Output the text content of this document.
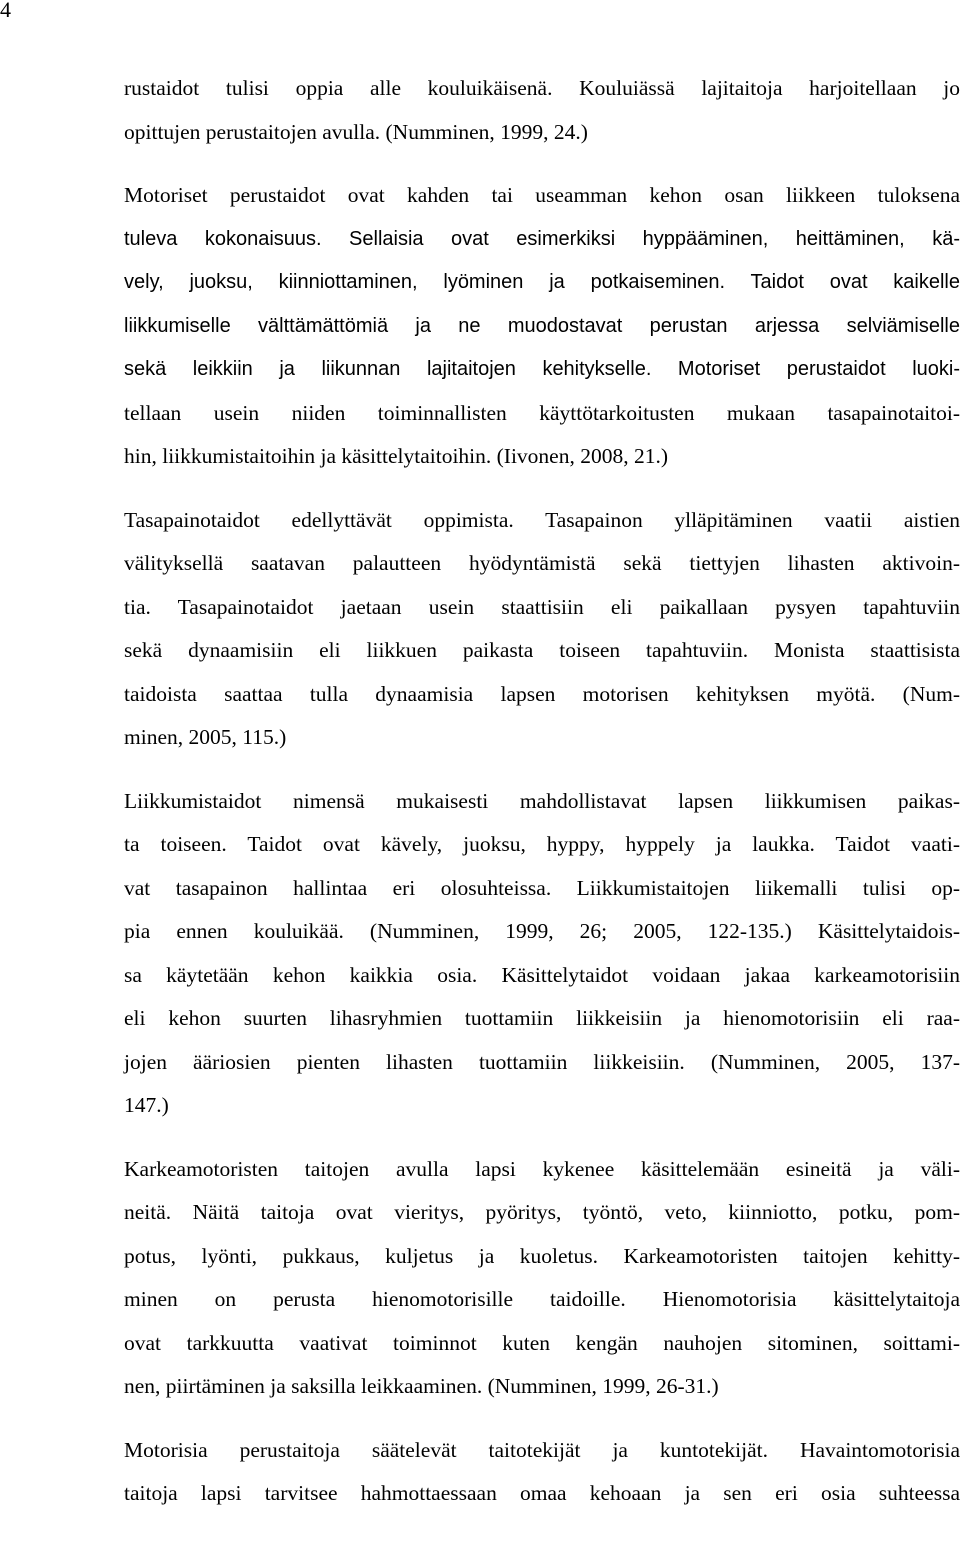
4
rustaidot tulisi oppia alle kouluikäisenä. Kouluiässä lajitaitoja harjoitellaan jo
opittujen perustaitojen avulla. (Numminen, 1999, 24.)
Motoriset perustaidot ovat kahden tai useamman kehon osan liikkeen tuloksena
tuleva kokonaisuus. Sellaisia ovat esimerkiksi hyppääminen, heittäminen, kä-
vely, juoksu, kiinniottaminen, lyöminen ja potkaiseminen. Taidot ovat kaikelle
liikkumiselle välttämättömiä ja ne muodostavat perustan arjessa selviämiselle
sekä leikkiin ja liikunnan lajitaitojen kehitykselle. Motoriset perustaidot luoki-
tellaan usein niiden toiminnallisten käyttötarkoitusten mukaan tasapainotaitoi-
hin, liikkumistaitoihin ja käsittelytaitoihin. (Iivonen, 2008, 21.)
Tasapainotaidot edellyttävät oppimista. Tasapainon ylläpitäminen vaatii aistien
välityksellä saatavan palautteen hyödyntämistä sekä tiettyjen lihasten aktivoin-
tia. Tasapainotaidot jaetaan usein staattisiin eli paikallaan pysyen tapahtuviin
sekä dynaamisiin eli liikkuen paikasta toiseen tapahtuviin. Monista staattisista
taidoista saattaa tulla dynaamisia lapsen motorisen kehityksen myötä. (Num-
minen, 2005, 115.)
Liikkumistaidot nimensä mukaisesti mahdollistavat lapsen liikkumisen paikas-
ta toiseen. Taidot ovat kävely, juoksu, hyppy, hyppely ja laukka. Taidot vaati-
vat tasapainon hallintaa eri olosuhteissa. Liikkumistaitojen liikemalli tulisi op-
pia ennen kouluikää. (Numminen, 1999, 26; 2005, 122-135.) Käsittelytaidois-
sa käytetään kehon kaikkia osia. Käsittelytaidot voidaan jakaa karkeamotorisiin
eli kehon suurten lihasryhmien tuottamiin liikkeisiin ja hienomotorisiin eli raa-
jojen ääriosien pienten lihasten tuottamiin liikkeisiin. (Numminen, 2005, 137-
147.)
Karkeamotoristen taitojen avulla lapsi kykenee käsittelemään esineitä ja väli-
neitä. Näitä taitoja ovat vieritys, pyöritys, työntö, veto, kiinniotto, potku, pom-
potus, lyönti, pukkaus, kuljetus ja kuoletus. Karkeamotoristen taitojen kehitty-
minen on perusta hienomotorisille taidoille. Hienomotorisia käsittelytaitoja
ovat tarkkuutta vaativat toiminnot kuten kengän nauhojen sitominen, soittami-
nen, piirtäminen ja saksilla leikkaaminen. (Numminen, 1999, 26-31.)
Motorisia perustaitoja säätelevät taitotekijät ja kuntotekijät. Havaintomotorisia
taitoja lapsi tarvitsee hahmottaessaan omaa kehoaan ja sen eri osia suhteessa
